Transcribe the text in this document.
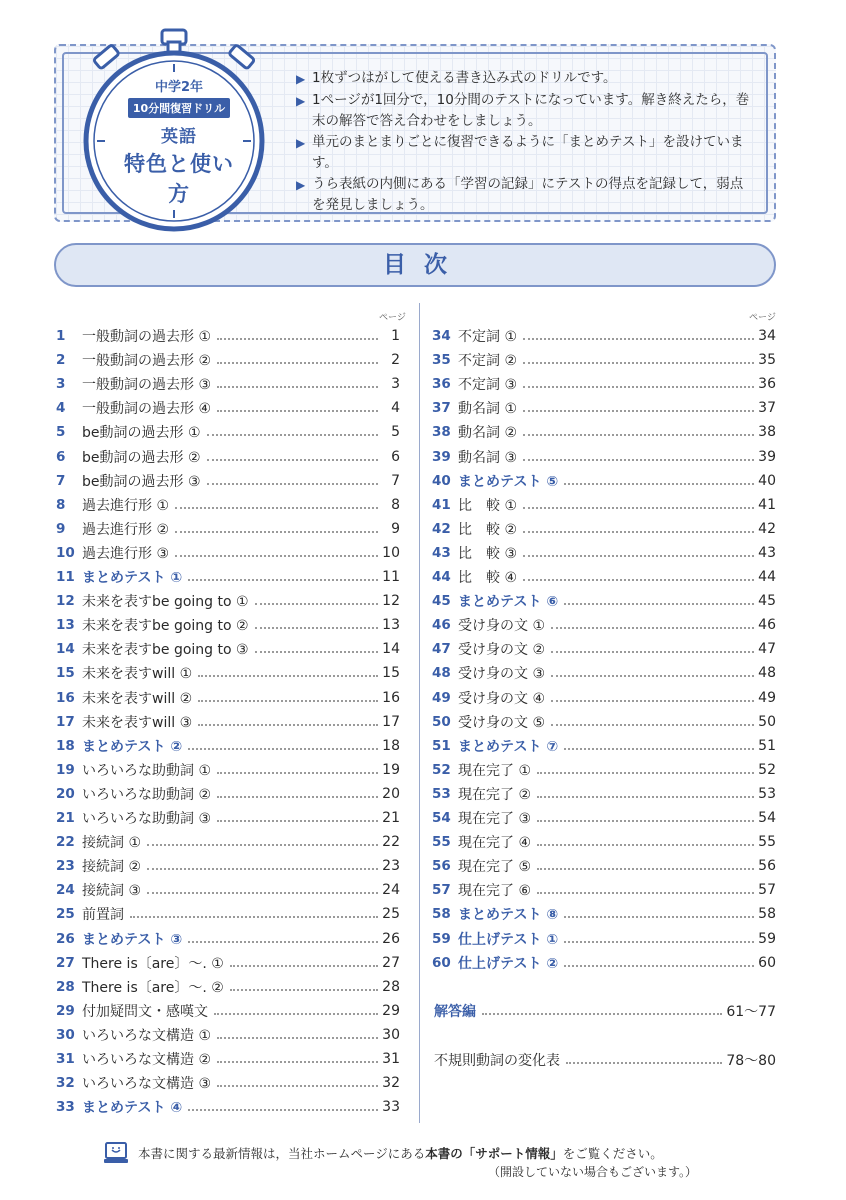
中学2年
10分間復習ドリル
英語
特色と使い方
▶ 1枚ずつはがして使える書き込み式のドリルです。
▶ 1ページが1回分で，10分間のテストになっています。解き終えたら，巻末の解答で答え合わせをしましょう。
▶ 単元のまとまりごとに復習できるように「まとめテスト」を設けています。
▶ うら表紙の内側にある「学習の記録」にテストの得点を記録して，弱点を発見しましょう。
目次
ページ	ページ
1	一般動詞の過去形 ①	1
2	一般動詞の過去形 ②	2
3	一般動詞の過去形 ③	3
4	一般動詞の過去形 ④	4
5	be動詞の過去形 ①	5
6	be動詞の過去形 ②	6
7	be動詞の過去形 ③	7
8	過去進行形 ①	8
9	過去進行形 ②	9
10 過去進行形 ③	10
11 まとめテスト ①	11
12 未来を表すbe going to ①	12
13 未来を表すbe going to ②	13
14 未来を表すbe going to ③	14
15 未来を表すwill ①	15
16 未来を表すwill ②	16
17 未来を表すwill ③	17
18 まとめテスト ②	18
19 いろいろな助動詞 ①	19
20 いろいろな助動詞 ②	20
21 いろいろな助動詞 ③	21
22 接続詞 ①	22
23 接続詞 ②	23
24 接続詞 ③	24
25 前置詞	25
26 まとめテスト ③	26
27 There is〔are〕～. ①	27
28 There is〔are〕～. ②	28
29 付加疑問文・感嘆文	29
30 いろいろな文構造 ①	30
31 いろいろな文構造 ②	31
32 いろいろな文構造 ③	32
33 まとめテスト ④	33
34 不定詞 ①	34
35 不定詞 ②	35
36 不定詞 ③	36
37 動名詞 ①	37
38 動名詞 ②	38
39 動名詞 ③	39
40 まとめテスト ⑤	40
41 比　較 ①	41
42 比　較 ②	42
43 比　較 ③	43
44 比　較 ④	44
45 まとめテスト ⑥	45
46 受け身の文 ①	46
47 受け身の文 ②	47
48 受け身の文 ③	48
49 受け身の文 ④	49
50 受け身の文 ⑤	50
51 まとめテスト ⑦	51
52 現在完了 ①	52
53 現在完了 ②	53
54 現在完了 ③	54
55 現在完了 ④	55
56 現在完了 ⑤	56
57 現在完了 ⑥	57
58 まとめテスト ⑧	58
59 仕上げテスト ①	59
60 仕上げテスト ②	60
解答編	61～77
不規則動詞の変化表	78～80
本書に関する最新情報は，当社ホームページにある本書の「サポート情報」をご覧ください。
（開設していない場合もございます。）
